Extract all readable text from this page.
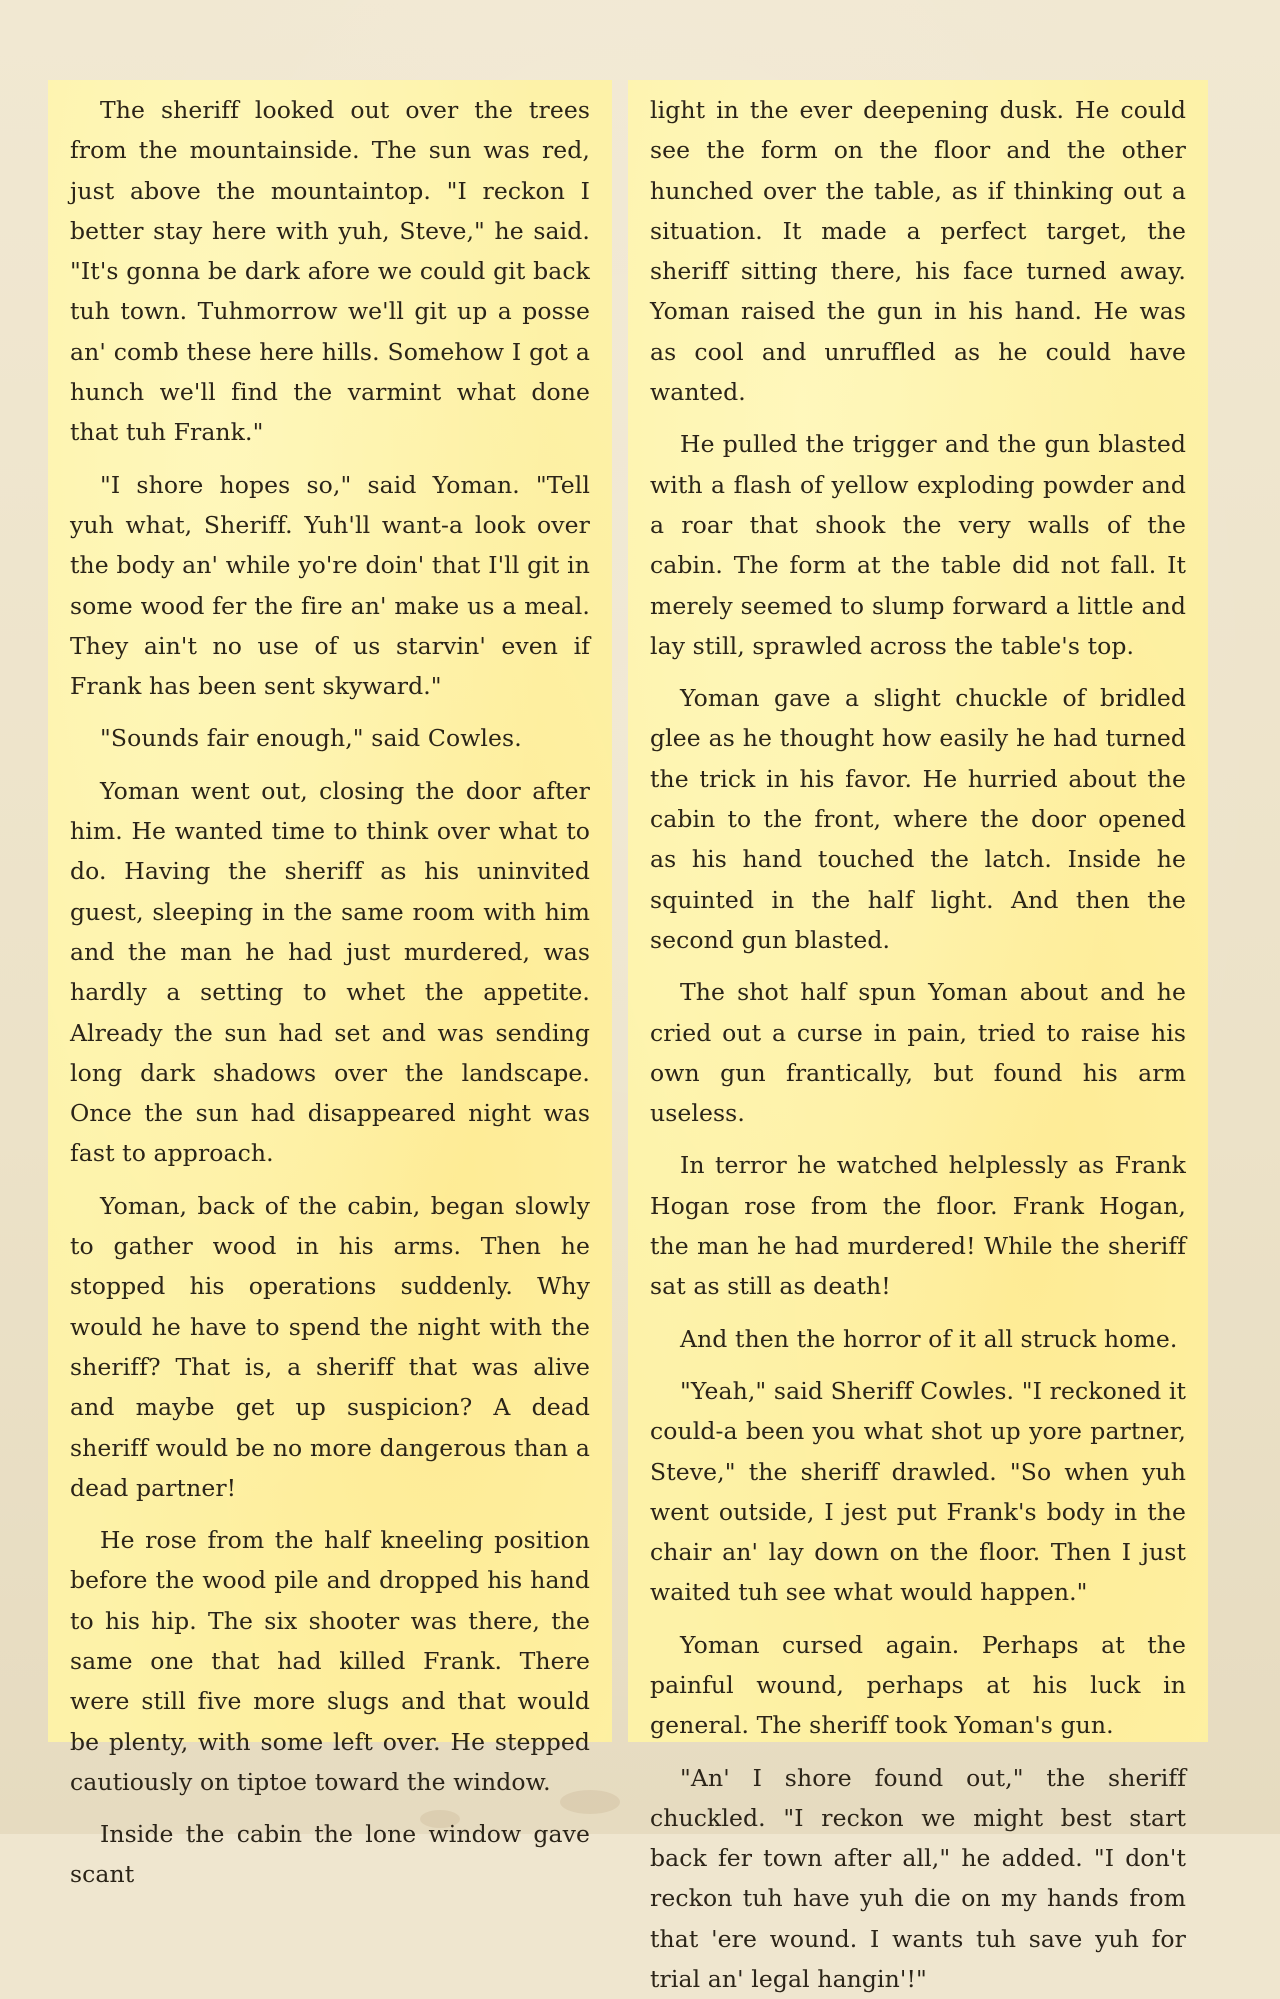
The sheriff looked out over the trees from the mountainside. The sun was red, just above the mountaintop. "I reckon I better stay here with yuh, Steve," he said. "It's gonna be dark afore we could git back tuh town. Tuhmorrow we'll git up a posse an' comb these here hills. Somehow I got a hunch we'll find the varmint what done that tuh Frank."

"I shore hopes so," said Yoman. "Tell yuh what, Sheriff. Yuh'll want-a look over the body an' while yo're doin' that I'll git in some wood fer the fire an' make us a meal. They ain't no use of us starvin' even if Frank has been sent skyward."

"Sounds fair enough," said Cowles.

Yoman went out, closing the door after him. He wanted time to think over what to do. Having the sheriff as his uninvited guest, sleeping in the same room with him and the man he had just murdered, was hardly a setting to whet the appetite. Already the sun had set and was sending long dark shadows over the landscape. Once the sun had disappeared night was fast to approach.

Yoman, back of the cabin, began slowly to gather wood in his arms. Then he stopped his operations suddenly. Why would he have to spend the night with the sheriff? That is, a sheriff that was alive and maybe get up suspicion? A dead sheriff would be no more dangerous than a dead partner!

He rose from the half kneeling position before the wood pile and dropped his hand to his hip. The six shooter was there, the same one that had killed Frank. There were still five more slugs and that would be plenty, with some left over. He stepped cautiously on tiptoe toward the window.

Inside the cabin the lone window gave scant

light in the ever deepening dusk. He could see the form on the floor and the other hunched over the table, as if thinking out a situation. It made a perfect target, the sheriff sitting there, his face turned away. Yoman raised the gun in his hand. He was as cool and unruffled as he could have wanted.

He pulled the trigger and the gun blasted with a flash of yellow exploding powder and a roar that shook the very walls of the cabin. The form at the table did not fall. It merely seemed to slump forward a little and lay still, sprawled across the table's top.

Yoman gave a slight chuckle of bridled glee as he thought how easily he had turned the trick in his favor. He hurried about the cabin to the front, where the door opened as his hand touched the latch. Inside he squinted in the half light. And then the second gun blasted.

The shot half spun Yoman about and he cried out a curse in pain, tried to raise his own gun frantically, but found his arm useless.

In terror he watched helplessly as Frank Hogan rose from the floor. Frank Hogan, the man he had murdered! While the sheriff sat as still as death!

And then the horror of it all struck home.

"Yeah," said Sheriff Cowles. "I reckoned it could-a been you what shot up yore partner, Steve," the sheriff drawled. "So when yuh went outside, I jest put Frank's body in the chair an' lay down on the floor. Then I just waited tuh see what would happen."

Yoman cursed again. Perhaps at the painful wound, perhaps at his luck in general. The sheriff took Yoman's gun.

"An' I shore found out," the sheriff chuckled. "I reckon we might best start back fer town after all," he added. "I don't reckon tuh have yuh die on my hands from that 'ere wound. I wants tuh save yuh for trial an' legal hangin'!"
